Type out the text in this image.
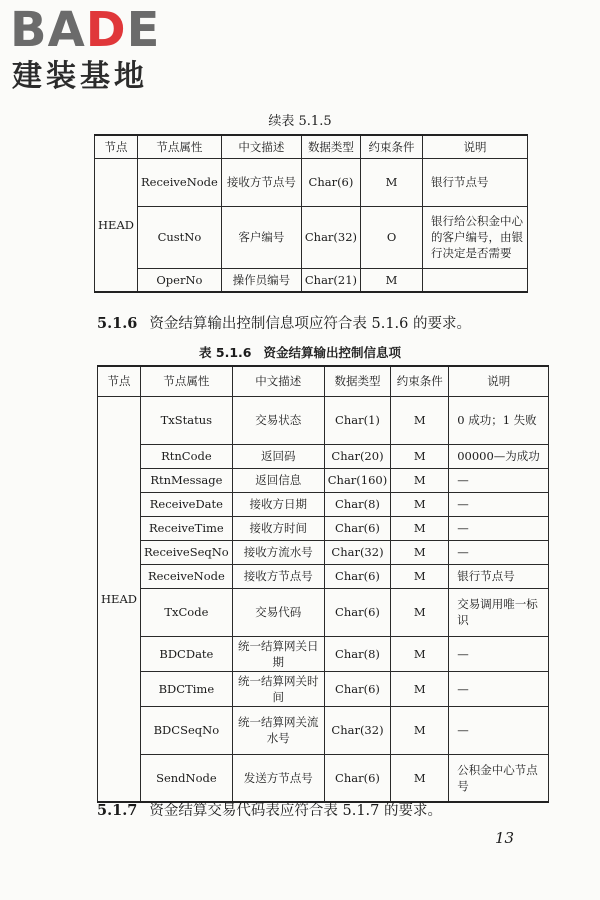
BADE
建装基地
续表 5.1.5
节点	节点属性	中文描述	数据类型	约束条件	说明
HEAD	ReceiveNode	接收方节点号	Char(6)	M	银行节点号
	CustNo	客户编号	Char(32)	O	银行给公积金中心的客户编号，由银行决定是否需要
	OperNo	操作员编号	Char(21)	M	
5.1.6 资金结算输出控制信息项应符合表 5.1.6 的要求。
表 5.1.6 资金结算输出控制信息项
节点	节点属性	中文描述	数据类型	约束条件	说明
HEAD	TxStatus	交易状态	Char(1)	M	0 成功；1 失败
	RtnCode	返回码	Char(20)	M	00000—为成功
	RtnMessage	返回信息	Char(160)	M	—
	ReceiveDate	接收方日期	Char(8)	M	—
	ReceiveTime	接收方时间	Char(6)	M	—
	ReceiveSeqNo	接收方流水号	Char(32)	M	—
	ReceiveNode	接收方节点号	Char(6)	M	银行节点号
	TxCode	交易代码	Char(6)	M	交易调用唯一标识
	BDCDate	统一结算网关日期	Char(8)	M	—
	BDCTime	统一结算网关时间	Char(6)	M	—
	BDCSeqNo	统一结算网关流水号	Char(32)	M	—
	SendNode	发送方节点号	Char(6)	M	公积金中心节点号
5.1.7 资金结算交易代码表应符合表 5.1.7 的要求。
13
